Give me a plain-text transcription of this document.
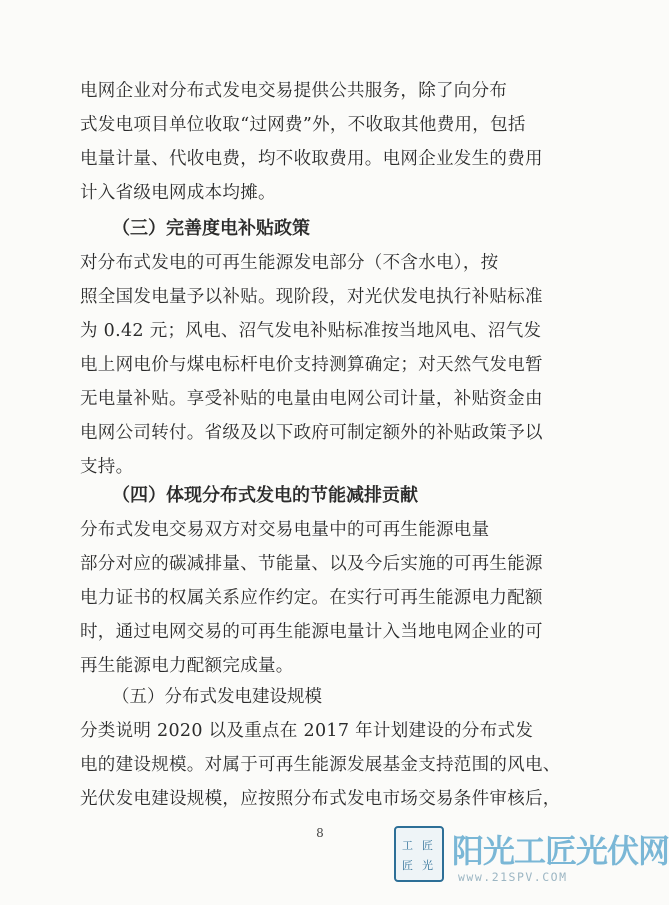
电网企业对分布式发电交易提供公共服务，除了向分布
式发电项目单位收取“过网费”外，不收取其他费用，包括
电量计量、代收电费，均不收取费用。电网企业发生的费用
计入省级电网成本均摊。

（三）完善度电补贴政策

对分布式发电的可再生能源发电部分（不含水电），按
照全国发电量予以补贴。现阶段，对光伏发电执行补贴标准
为 0.42 元；风电、沼气发电补贴标准按当地风电、沼气发
电上网电价与煤电标杆电价支持测算确定；对天然气发电暂
无电量补贴。享受补贴的电量由电网公司计量，补贴资金由
电网公司转付。省级及以下政府可制定额外的补贴政策予以
支持。

（四）体现分布式发电的节能减排贡献

分布式发电交易双方对交易电量中的可再生能源电量
部分对应的碳减排量、节能量、以及今后实施的可再生能源
电力证书的权属关系应作约定。在实行可再生能源电力配额
时，通过电网交易的可再生能源电量计入当地电网企业的可
再生能源电力配额完成量。

（五）分布式发电建设规模

分类说明 2020 以及重点在 2017 年计划建设的分布式发
电的建设规模。对属于可再生能源发展基金支持范围的风电、
光伏发电建设规模，应按照分布式发电市场交易条件审核后，

8
工 匠
匠 光 阳光工匠光伏网
www.21SPV.COM
